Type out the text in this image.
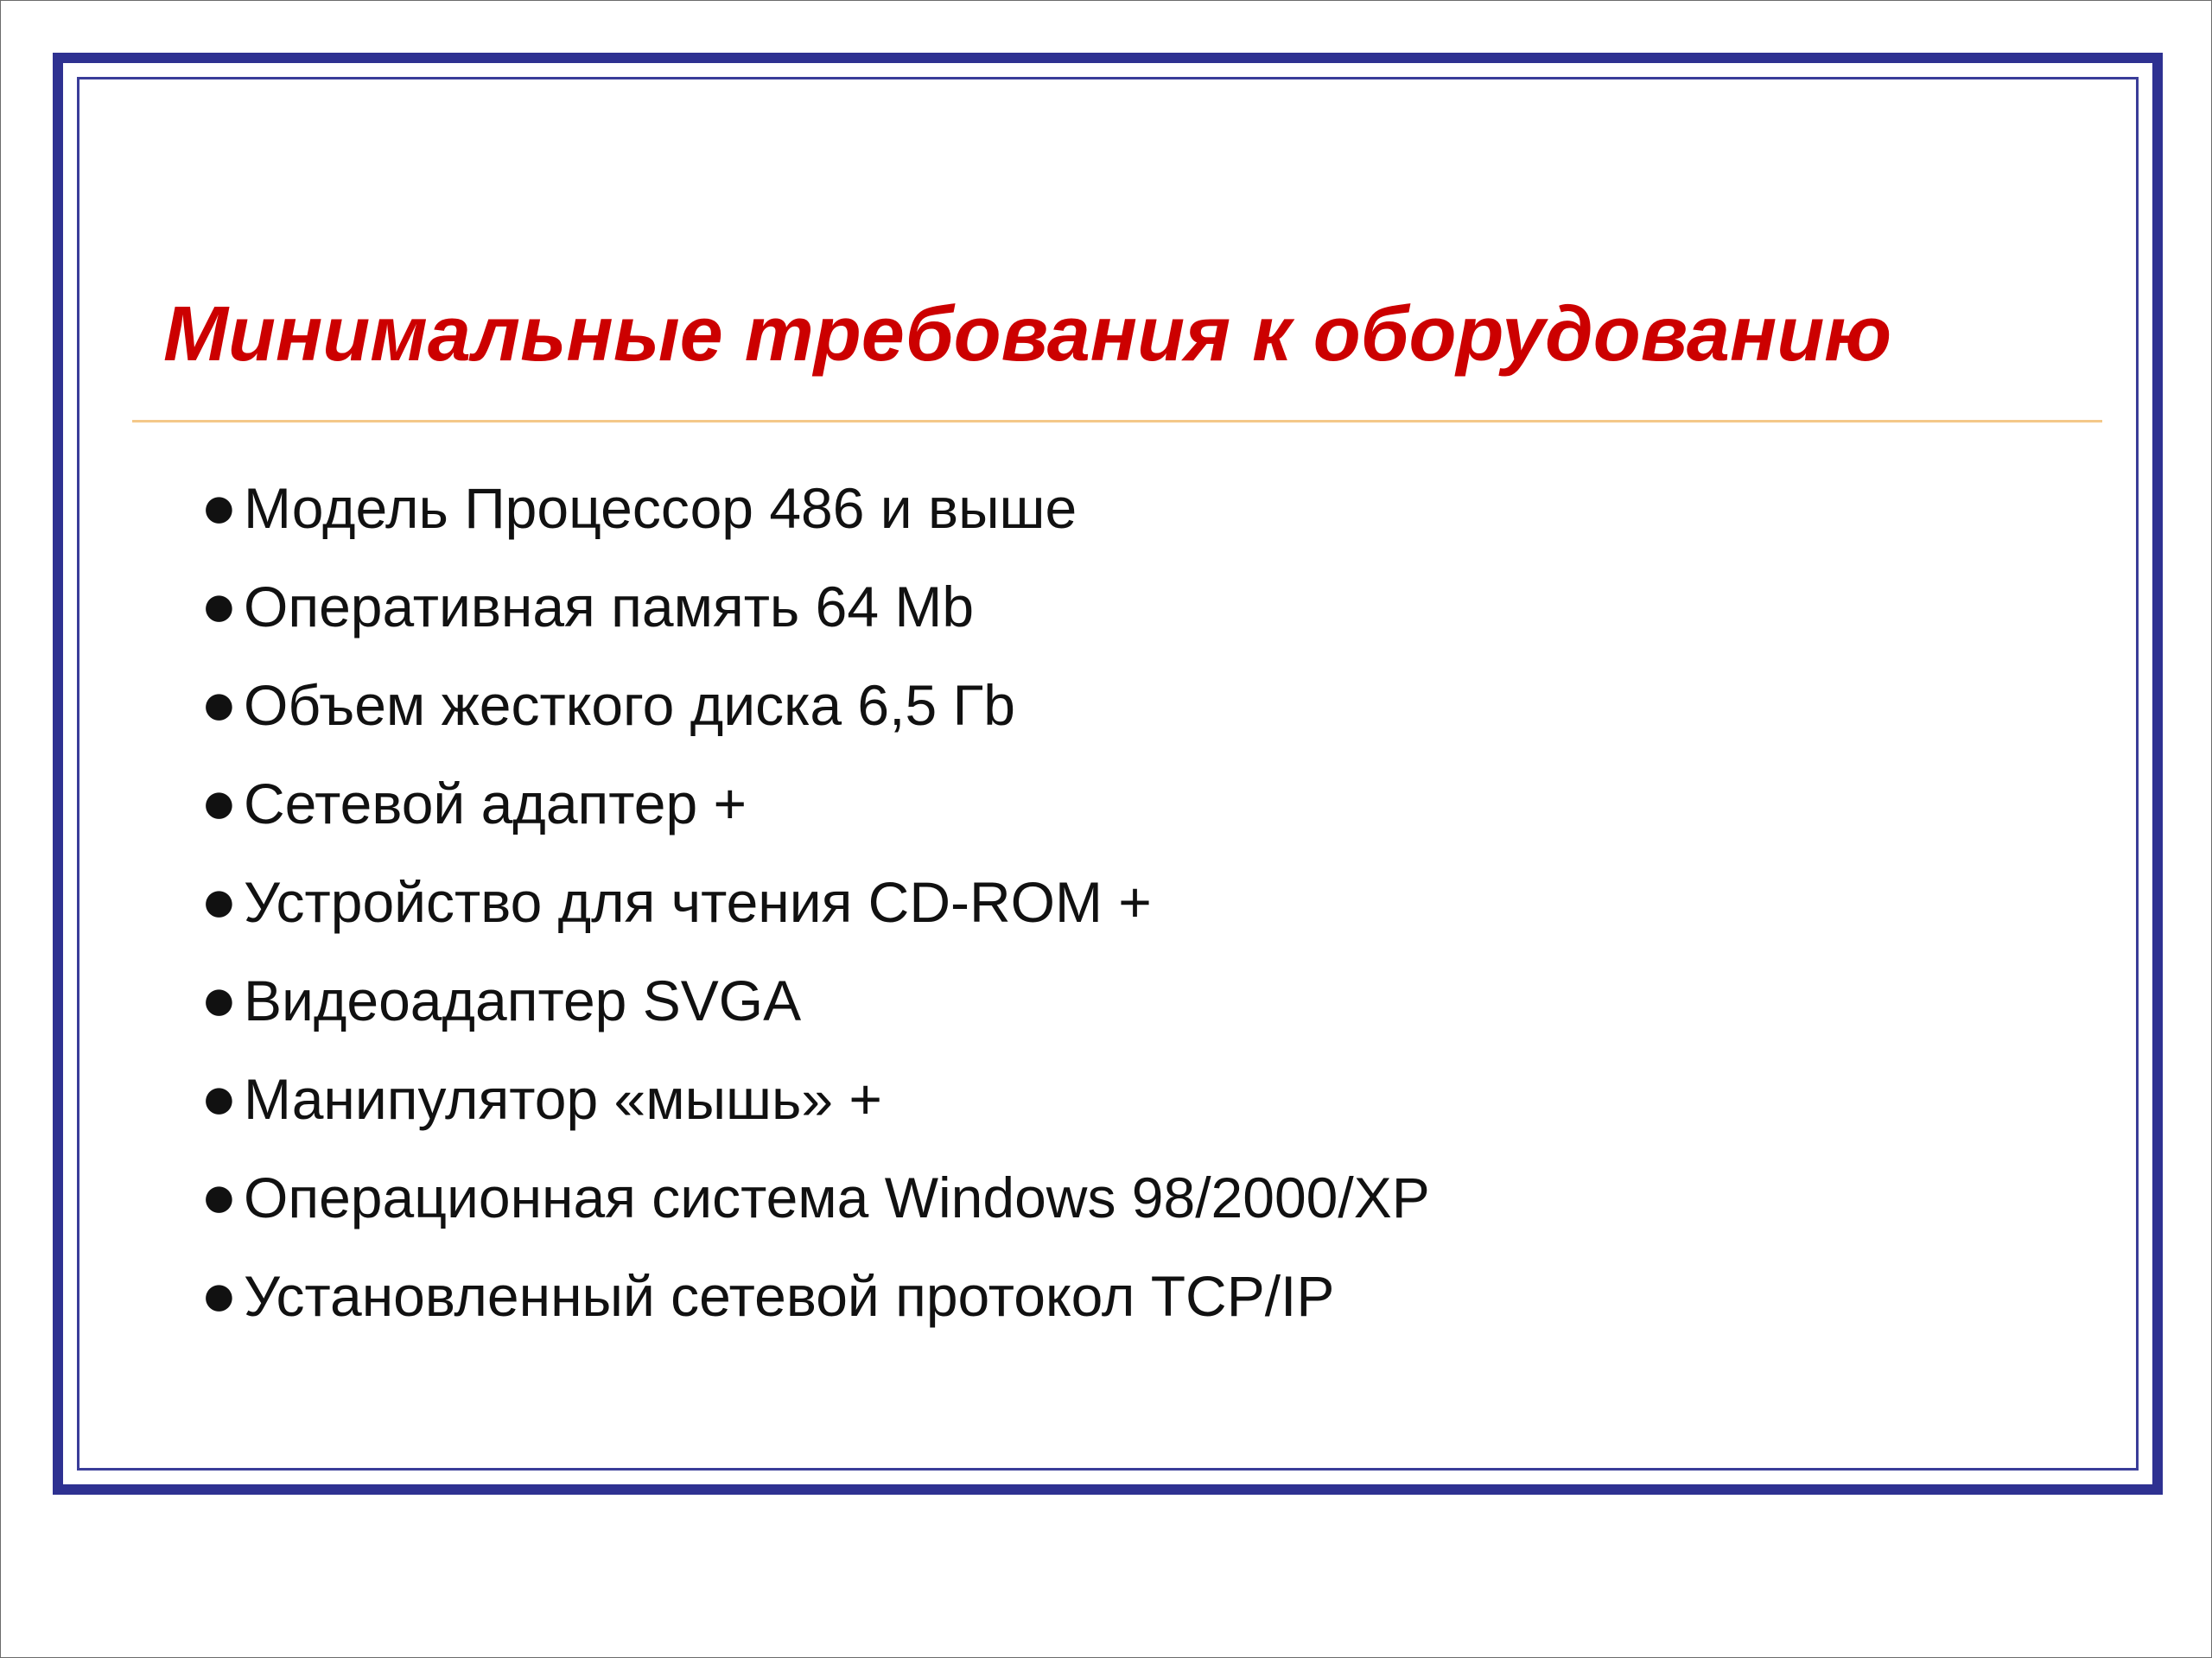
Минимальные требования к оборудованию
● Модель Процессор 486 и выше
● Оперативная память 64 Mb
● Объем жесткого диска 6,5 Гb
● Сетевой адаптер +
● Устройство для чтения CD-ROM +
● Видеоадаптер SVGA
● Манипулятор «мышь» +
● Операционная система Windows 98/2000/XP
● Установленный сетевой протокол TCP/IP
